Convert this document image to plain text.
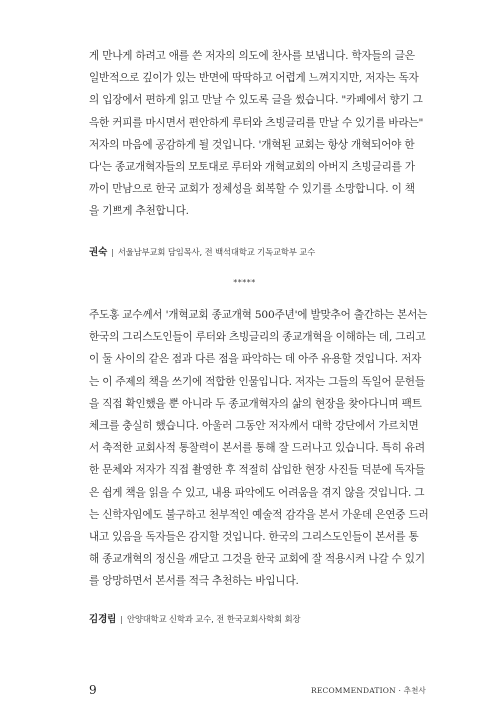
게 만나게 하려고 애를 쓴 저자의 의도에 찬사를 보냅니다. 학자들의 글은
일반적으로 깊이가 있는 반면에 딱딱하고 어렵게 느껴지지만, 저자는 독자
의 입장에서 편하게 읽고 만날 수 있도록 글을 썼습니다. "카페에서 향기 그
윽한 커피를 마시면서 편안하게 루터와 츠빙글리를 만날 수 있기를 바라는"
저자의 마음에 공감하게 될 것입니다. '개혁된 교회는 항상 개혁되어야 한
다'는 종교개혁자들의 모토대로 루터와 개혁교회의 아버지 츠빙글리를 가
까이 만남으로 한국 교회가 정체성을 회복할 수 있기를 소망합니다. 이 책
을 기쁘게 추천합니다.
권숙 | 서울남부교회 담임목사, 전 백석대학교 기독교학부 교수
*****
주도홍 교수께서 '개혁교회 종교개혁 500주년'에 발맞추어 출간하는 본서는
한국의 그리스도인들이 루터와 츠빙글리의 종교개혁을 이해하는 데, 그리고
이 둘 사이의 같은 점과 다른 점을 파악하는 데 아주 유용할 것입니다. 저자
는 이 주제의 책을 쓰기에 적합한 인물입니다. 저자는 그들의 독일어 문헌들
을 직접 확인했을 뿐 아니라 두 종교개혁자의 삶의 현장을 찾아다니며 팩트
체크를 충실히 했습니다. 아울러 그동안 저자께서 대학 강단에서 가르치면
서 축적한 교회사적 통찰력이 본서를 통해 잘 드러나고 있습니다. 특히 유려
한 문체와 저자가 직접 촬영한 후 적절히 삽입한 현장 사진들 덕분에 독자들
은 쉽게 책을 읽을 수 있고, 내용 파악에도 어려움을 겪지 않을 것입니다. 그
는 신학자임에도 불구하고 천부적인 예술적 감각을 본서 가운데 은연중 드러
내고 있음을 독자들은 감지할 것입니다. 한국의 그리스도인들이 본서를 통
해 종교개혁의 정신을 깨닫고 그것을 한국 교회에 잘 적용시켜 나갈 수 있기
를 앙망하면서 본서를 적극 추천하는 바입니다.
김경림 | 안양대학교 신학과 교수, 전 한국교회사학회 회장
9	RECOMMENDATION · 추천사
